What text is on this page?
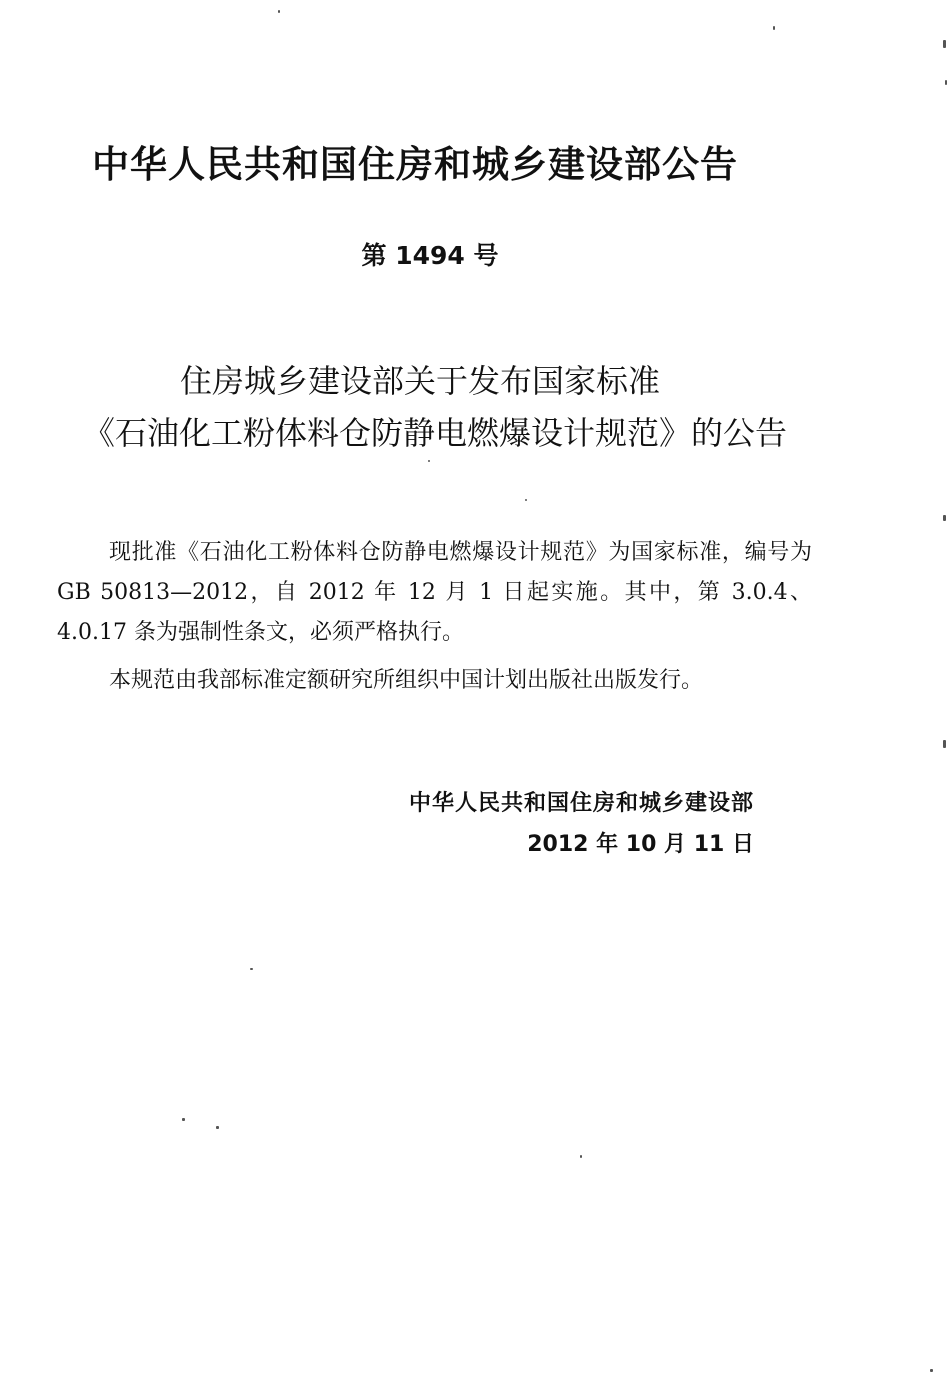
中华人民共和国住房和城乡建设部公告
第 1494 号
住房城乡建设部关于发布国家标准
《石油化工粉体料仓防静电燃爆设计规范》的公告
现批准《石油化工粉体料仓防静电燃爆设计规范》为国家标准，编号为GB 50813—2012，自 2012 年 12 月 1 日起实施。其中，第 3.0.4、4.0.17 条为强制性条文，必须严格执行。
本规范由我部标准定额研究所组织中国计划出版社出版发行。
中华人民共和国住房和城乡建设部
2012 年 10 月 11 日
